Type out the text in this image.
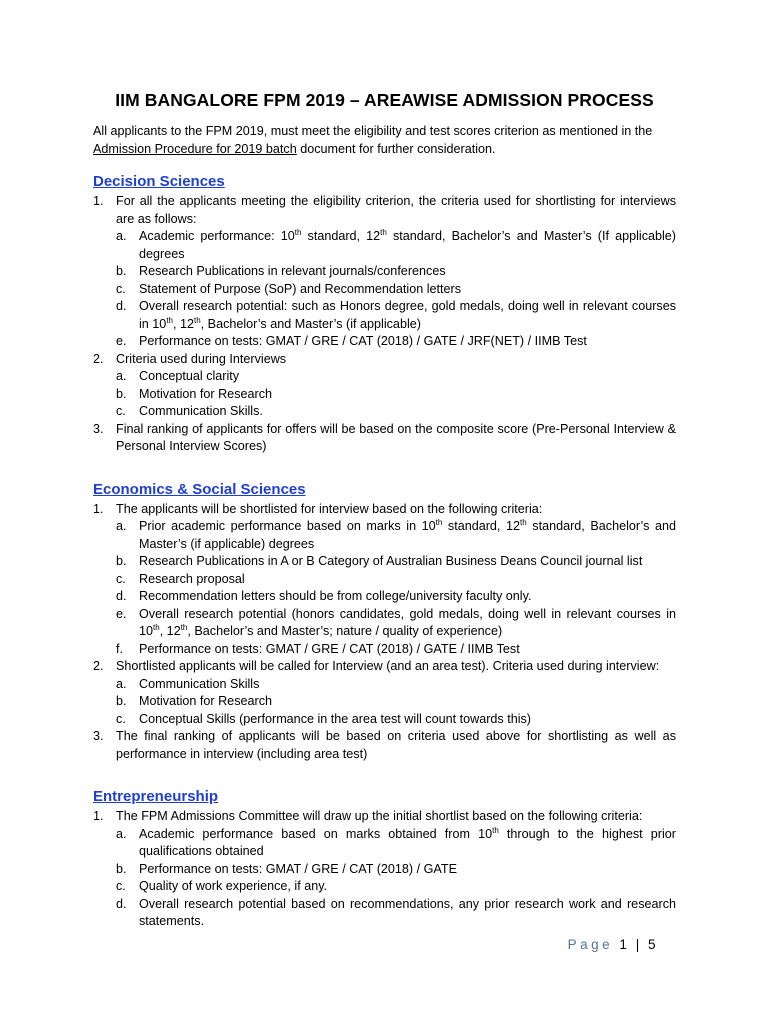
IIM BANGALORE FPM 2019 – AREAWISE ADMISSION PROCESS
All applicants to the FPM 2019, must meet the eligibility and test scores criterion as mentioned in the Admission Procedure for 2019 batch document for further consideration.
Decision Sciences
1. For all the applicants meeting the eligibility criterion, the criteria used for shortlisting for interviews are as follows:
a. Academic performance: 10th standard, 12th standard, Bachelor’s and Master’s (If applicable) degrees
b. Research Publications in relevant journals/conferences
c. Statement of Purpose (SoP) and Recommendation letters
d. Overall research potential: such as Honors degree, gold medals, doing well in relevant courses in 10th, 12th, Bachelor’s and Master’s (if applicable)
e. Performance on tests: GMAT / GRE / CAT (2018) / GATE / JRF(NET) / IIMB Test
2. Criteria used during Interviews
a. Conceptual clarity
b. Motivation for Research
c. Communication Skills.
3. Final ranking of applicants for offers will be based on the composite score (Pre-Personal Interview & Personal Interview Scores)
Economics & Social Sciences
1. The applicants will be shortlisted for interview based on the following criteria:
a. Prior academic performance based on marks in 10th standard, 12th standard, Bachelor’s and Master’s (if applicable) degrees
b. Research Publications in A or B Category of Australian Business Deans Council journal list
c. Research proposal
d. Recommendation letters should be from college/university faculty only.
e. Overall research potential (honors candidates, gold medals, doing well in relevant courses in 10th, 12th, Bachelor’s and Master’s; nature / quality of experience)
f. Performance on tests: GMAT / GRE / CAT (2018) / GATE / IIMB Test
2. Shortlisted applicants will be called for Interview (and an area test). Criteria used during interview:
a. Communication Skills
b. Motivation for Research
c. Conceptual Skills (performance in the area test will count towards this)
3. The final ranking of applicants will be based on criteria used above for shortlisting as well as performance in interview (including area test)
Entrepreneurship
1. The FPM Admissions Committee will draw up the initial shortlist based on the following criteria:
a. Academic performance based on marks obtained from 10th through to the highest prior qualifications obtained
b. Performance on tests: GMAT / GRE / CAT (2018) / GATE
c. Quality of work experience, if any.
d. Overall research potential based on recommendations, any prior research work and research statements.
Page 1 | 5
